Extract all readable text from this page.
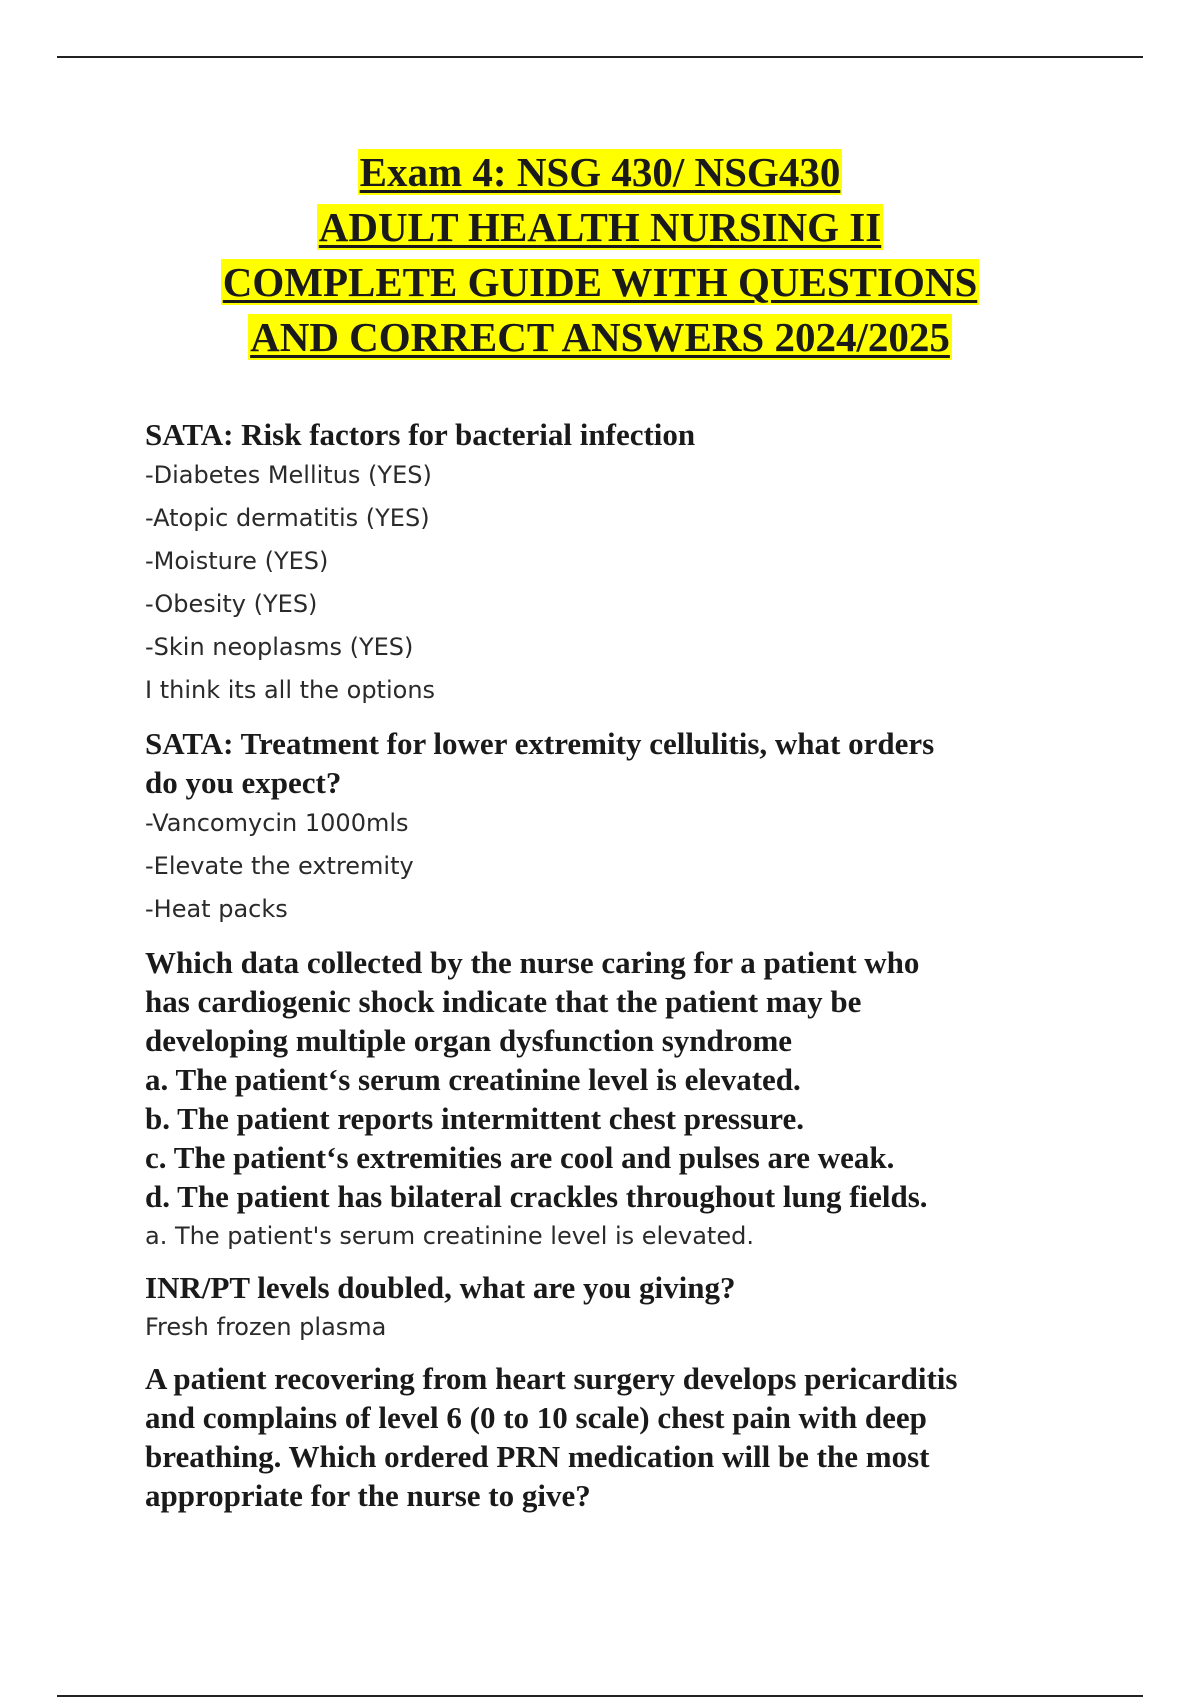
Exam 4: NSG 430/ NSG430
ADULT HEALTH NURSING II
COMPLETE GUIDE WITH QUESTIONS
AND CORRECT ANSWERS 2024/2025
SATA: Risk factors for bacterial infection
-Diabetes Mellitus (YES)
-Atopic dermatitis (YES)
-Moisture (YES)
-Obesity (YES)
-Skin neoplasms (YES)
I think its all the options
SATA: Treatment for lower extremity cellulitis, what orders
do you expect?
-Vancomycin 1000mls
-Elevate the extremity
-Heat packs
Which data collected by the nurse caring for a patient who
has cardiogenic shock indicate that the patient may be
developing multiple organ dysfunction syndrome
a. The patient‘s serum creatinine level is elevated.
b. The patient reports intermittent chest pressure.
c. The patient‘s extremities are cool and pulses are weak.
d. The patient has bilateral crackles throughout lung fields.
a. The patient's serum creatinine level is elevated.
INR/PT levels doubled, what are you giving?
Fresh frozen plasma
A patient recovering from heart surgery develops pericarditis
and complains of level 6 (0 to 10 scale) chest pain with deep
breathing. Which ordered PRN medication will be the most
appropriate for the nurse to give?
